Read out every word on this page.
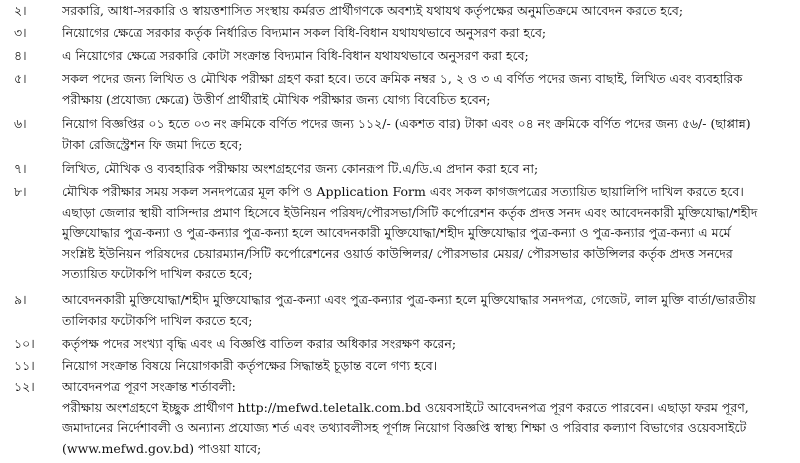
২।	সরকারি, আধা-সরকারি ও স্বায়ত্তশাসিত সংস্থায় কর্মরত প্রার্থীগণকে অবশ্যই যথাযথ কর্তৃপক্ষের অনুমতিক্রমে আবেদন করতে হবে;
৩।	নিয়োগের ক্ষেত্রে সরকার কর্তৃক নির্ধারিত বিদ্যমান সকল বিধি-বিধান যথাযথভাবে অনুসরণ করা হবে;
৪।	এ নিয়োগের ক্ষেত্রে সরকারি কোটা সংক্রান্ত বিদ্যমান বিধি-বিধান যথাযথভাবে অনুসরণ করা হবে;
৫।	সকল পদের জন্য লিখিত ও মৌখিক পরীক্ষা গ্রহণ করা হবে। তবে ক্রমিক নম্বর ১, ২ ও ৩ এ বর্ণিত পদের জন্য বাছাই, লিখিত এবং ব্যবহারিক
পরীক্ষায় (প্রযোজ্য ক্ষেত্রে) উত্তীর্ণ প্রার্থীরাই মৌখিক পরীক্ষার জন্য যোগ্য বিবেচিত হবেন;
৬।	নিয়োগ বিজ্ঞপ্তির ০১ হতে ০৩ নং ক্রমিকে বর্ণিত পদের জন্য ১১২/- (একশত বার) টাকা এবং ০৪ নং ক্রমিকে বর্ণিত পদের জন্য ৫৬/- (ছাপ্পান্ন)
টাকা রেজিস্ট্রেশন ফি জমা দিতে হবে;
৭।	লিখিত, মৌখিক ও ব্যবহারিক পরীক্ষায় অংশগ্রহণের জন্য কোনরূপ টি.এ/ডি.এ প্রদান করা হবে না;
৮।	মৌখিক পরীক্ষার সময় সকল সনদপত্রের মূল কপি ও Application Form এবং সকল কাগজপত্রের সত্যায়িত ছায়ালিপি দাখিল করতে হবে।
এছাড়া জেলার স্থায়ী বাসিন্দার প্রমাণ হিসেবে ইউনিয়ন পরিষদ/পৌরসভা/সিটি কর্পোরেশন কর্তৃক প্রদত্ত সনদ এবং আবেদনকারী মুক্তিযোদ্ধা/শহীদ
মুক্তিযোদ্ধার পুত্র-কন্যা ও পুত্র-কন্যার পুত্র-কন্যা হলে আবেদনকারী মুক্তিযোদ্ধা/শহীদ মুক্তিযোদ্ধার পুত্র-কন্যা ও পুত্র-কন্যার পুত্র-কন্যা এ মর্মে
সংশ্লিষ্ট ইউনিয়ন পরিষদের চেয়ারম্যান/সিটি কর্পোরেশনের ওয়ার্ড কাউন্সিলর/ পৌরসভার মেয়র/ পৌরসভার কাউন্সিলর কর্তৃক প্রদত্ত সনদের
সত্যায়িত ফটোকপি দাখিল করতে হবে;
৯।	আবেদনকারী মুক্তিযোদ্ধা/শহীদ মুক্তিযোদ্ধার পুত্র-কন্যা এবং পুত্র-কন্যার পুত্র-কন্যা হলে মুক্তিযোদ্ধার সনদপত্র, গেজেট, লাল মুক্তি বার্তা/ভারতীয়
তালিকার ফটোকপি দাখিল করতে হবে;
১০।	কর্তৃপক্ষ পদের সংখ্যা বৃদ্ধি এবং এ বিজ্ঞপ্তি বাতিল করার অধিকার সংরক্ষণ করেন;
১১।	নিয়োগ সংক্রান্ত বিষয়ে নিয়োগকারী কর্তৃপক্ষের সিদ্ধান্তই চূড়ান্ত বলে গণ্য হবে।
১২।	আবেদনপত্র পূরণ সংক্রান্ত শর্তাবলী:
পরীক্ষায় অংশগ্রহণে ইচ্ছুক প্রার্থীগণ http://mefwd.teletalk.com.bd ওয়েবসাইটে আবেদনপত্র পূরণ করতে পারবেন। এছাড়া ফরম পূরণ,
জমাদানের নির্দেশাবলী ও অন্যান্য প্রযোজ্য শর্ত এবং তথ্যাবলীসহ পূর্ণাঙ্গ নিয়োগ বিজ্ঞপ্তি স্বাস্থ্য শিক্ষা ও পরিবার কল্যাণ বিভাগের ওয়েবসাইটে
(www.mefwd.gov.bd) পাওয়া যাবে;
